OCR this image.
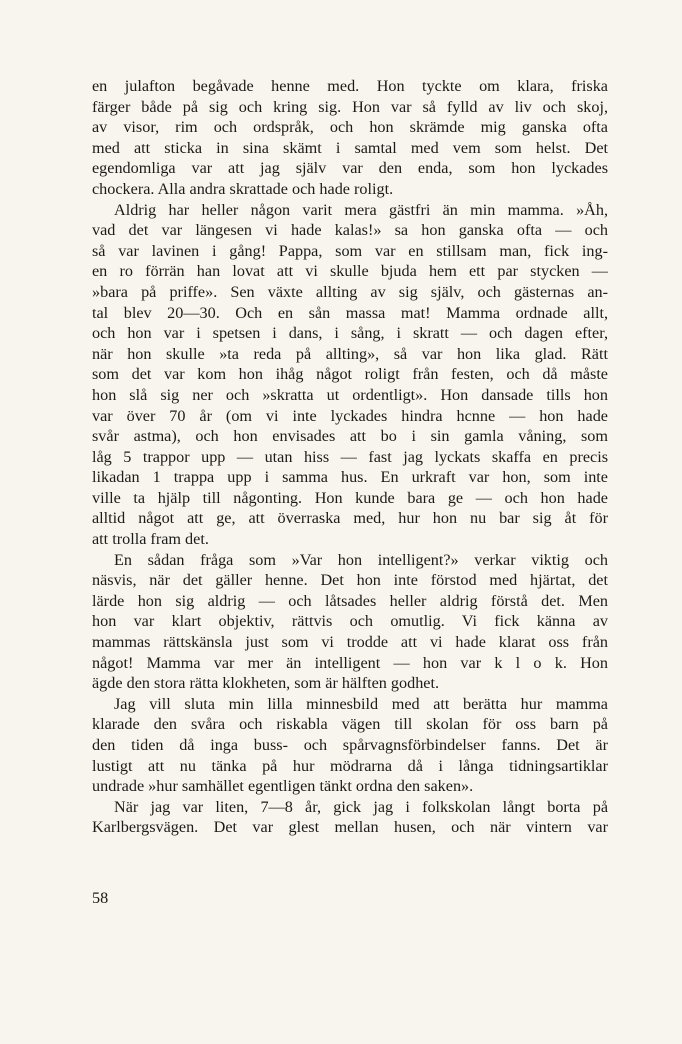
en julafton begåvade henne med. Hon tyckte om klara, friska
färger både på sig och kring sig. Hon var så fylld av liv och skoj,
av visor, rim och ordspråk, och hon skrämde mig ganska ofta
med att sticka in sina skämt i samtal med vem som helst. Det
egendomliga var att jag själv var den enda, som hon lyckades
chockera. Alla andra skrattade och hade roligt.
Aldrig har heller någon varit mera gästfri än min mamma. »Åh,
vad det var längesen vi hade kalas!» sa hon ganska ofta — och
så var lavinen i gång! Pappa, som var en stillsam man, fick ing-
en ro förrän han lovat att vi skulle bjuda hem ett par stycken —
»bara på priffe». Sen växte allting av sig själv, och gästernas an-
tal blev 20—30. Och en sån massa mat! Mamma ordnade allt,
och hon var i spetsen i dans, i sång, i skratt — och dagen efter,
när hon skulle »ta reda på allting», så var hon lika glad. Rätt
som det var kom hon ihåg något roligt från festen, och då måste
hon slå sig ner och »skratta ut ordentligt». Hon dansade tills hon
var över 70 år (om vi inte lyckades hindra hcnne — hon hade
svår astma), och hon envisades att bo i sin gamla våning, som
låg 5 trappor upp — utan hiss — fast jag lyckats skaffa en precis
likadan 1 trappa upp i samma hus. En urkraft var hon, som inte
ville ta hjälp till någonting. Hon kunde bara ge — och hon hade
alltid något att ge, att överraska med, hur hon nu bar sig åt för
att trolla fram det.
En sådan fråga som »Var hon intelligent?» verkar viktig och
näsvis, när det gäller henne. Det hon inte förstod med hjärtat, det
lärde hon sig aldrig — och låtsades heller aldrig förstå det. Men
hon var klart objektiv, rättvis och omutlig. Vi fick känna av
mammas rättskänsla just som vi trodde att vi hade klarat oss från
något! Mamma var mer än intelligent — hon var k l o k. Hon
ägde den stora rätta klokheten, som är hälften godhet.
Jag vill sluta min lilla minnesbild med att berätta hur mamma
klarade den svåra och riskabla vägen till skolan för oss barn på
den tiden då inga buss- och spårvagnsförbindelser fanns. Det är
lustigt att nu tänka på hur mödrarna då i långa tidningsartiklar
undrade »hur samhället egentligen tänkt ordna den saken».
När jag var liten, 7—8 år, gick jag i folkskolan långt borta på
Karlbergsvägen. Det var glest mellan husen, och när vintern var
58
